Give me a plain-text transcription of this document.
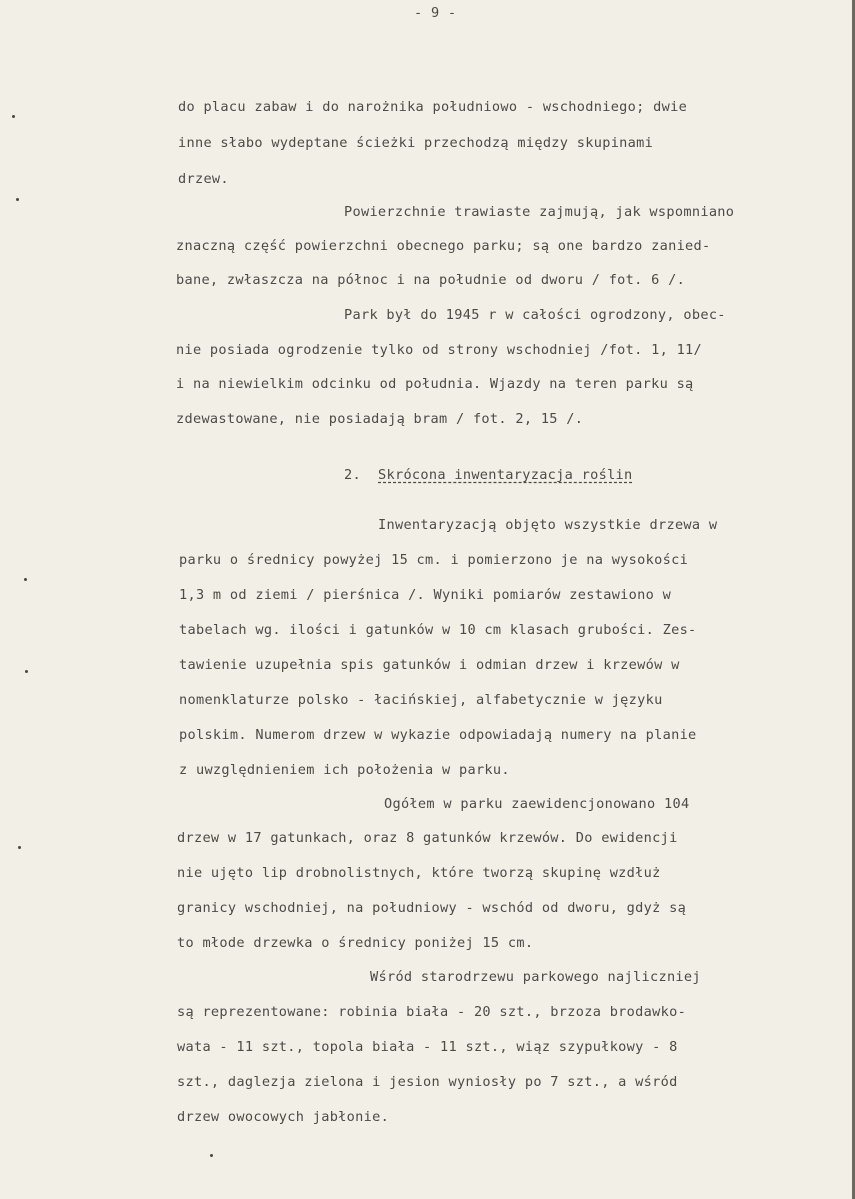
- 9 -
do placu zabaw i do narożnika południowo - wschodniego; dwie
inne słabo wydeptane ścieżki przechodzą między skupinami
drzew.
Powierzchnie trawiaste zajmują, jak wspomniano
znaczną część powierzchni obecnego parku; są one bardzo zanied-
bane, zwłaszcza na północ i na południe od dworu / fot. 6 /.
Park był do 1945 r w całości ogrodzony, obec-
nie posiada ogrodzenie tylko od strony wschodniej /fot. 1, 11/
i na niewielkim odcinku od południa. Wjazdy na teren parku są
zdewastowane, nie posiadają bram / fot. 2, 15 /.
2. Skrócona inwentaryzacja roślin
Inwentaryzacją objęto wszystkie drzewa w
parku o średnicy powyżej 15 cm. i pomierzono je na wysokości
1,3 m od ziemi / pierśnica /. Wyniki pomiarów zestawiono w
tabelach wg. ilości i gatunków w 10 cm klasach grubości. Zes-
tawienie uzupełnia spis gatunków i odmian drzew i krzewów w
nomenklaturze polsko - łacińskiej, alfabetycznie w języku
polskim. Numerom drzew w wykazie odpowiadają numery na planie
z uwzględnieniem ich położenia w parku.
Ogółem w parku zaewidencjonowano 104
drzew w 17 gatunkach, oraz 8 gatunków krzewów. Do ewidencji
nie ujęto lip drobnolistnych, które tworzą skupinę wzdłuż
granicy wschodniej, na południowy - wschód od dworu, gdyż są
to młode drzewka o średnicy poniżej 15 cm.
Wśród starodrzewu parkowego najliczniej
są reprezentowane: robinia biała - 20 szt., brzoza brodawko-
wata - 11 szt., topola biała - 11 szt., wiąz szypułkowy - 8
szt., daglezja zielona i jesion wyniosły po 7 szt., a wśród
drzew owocowych jabłonie.
